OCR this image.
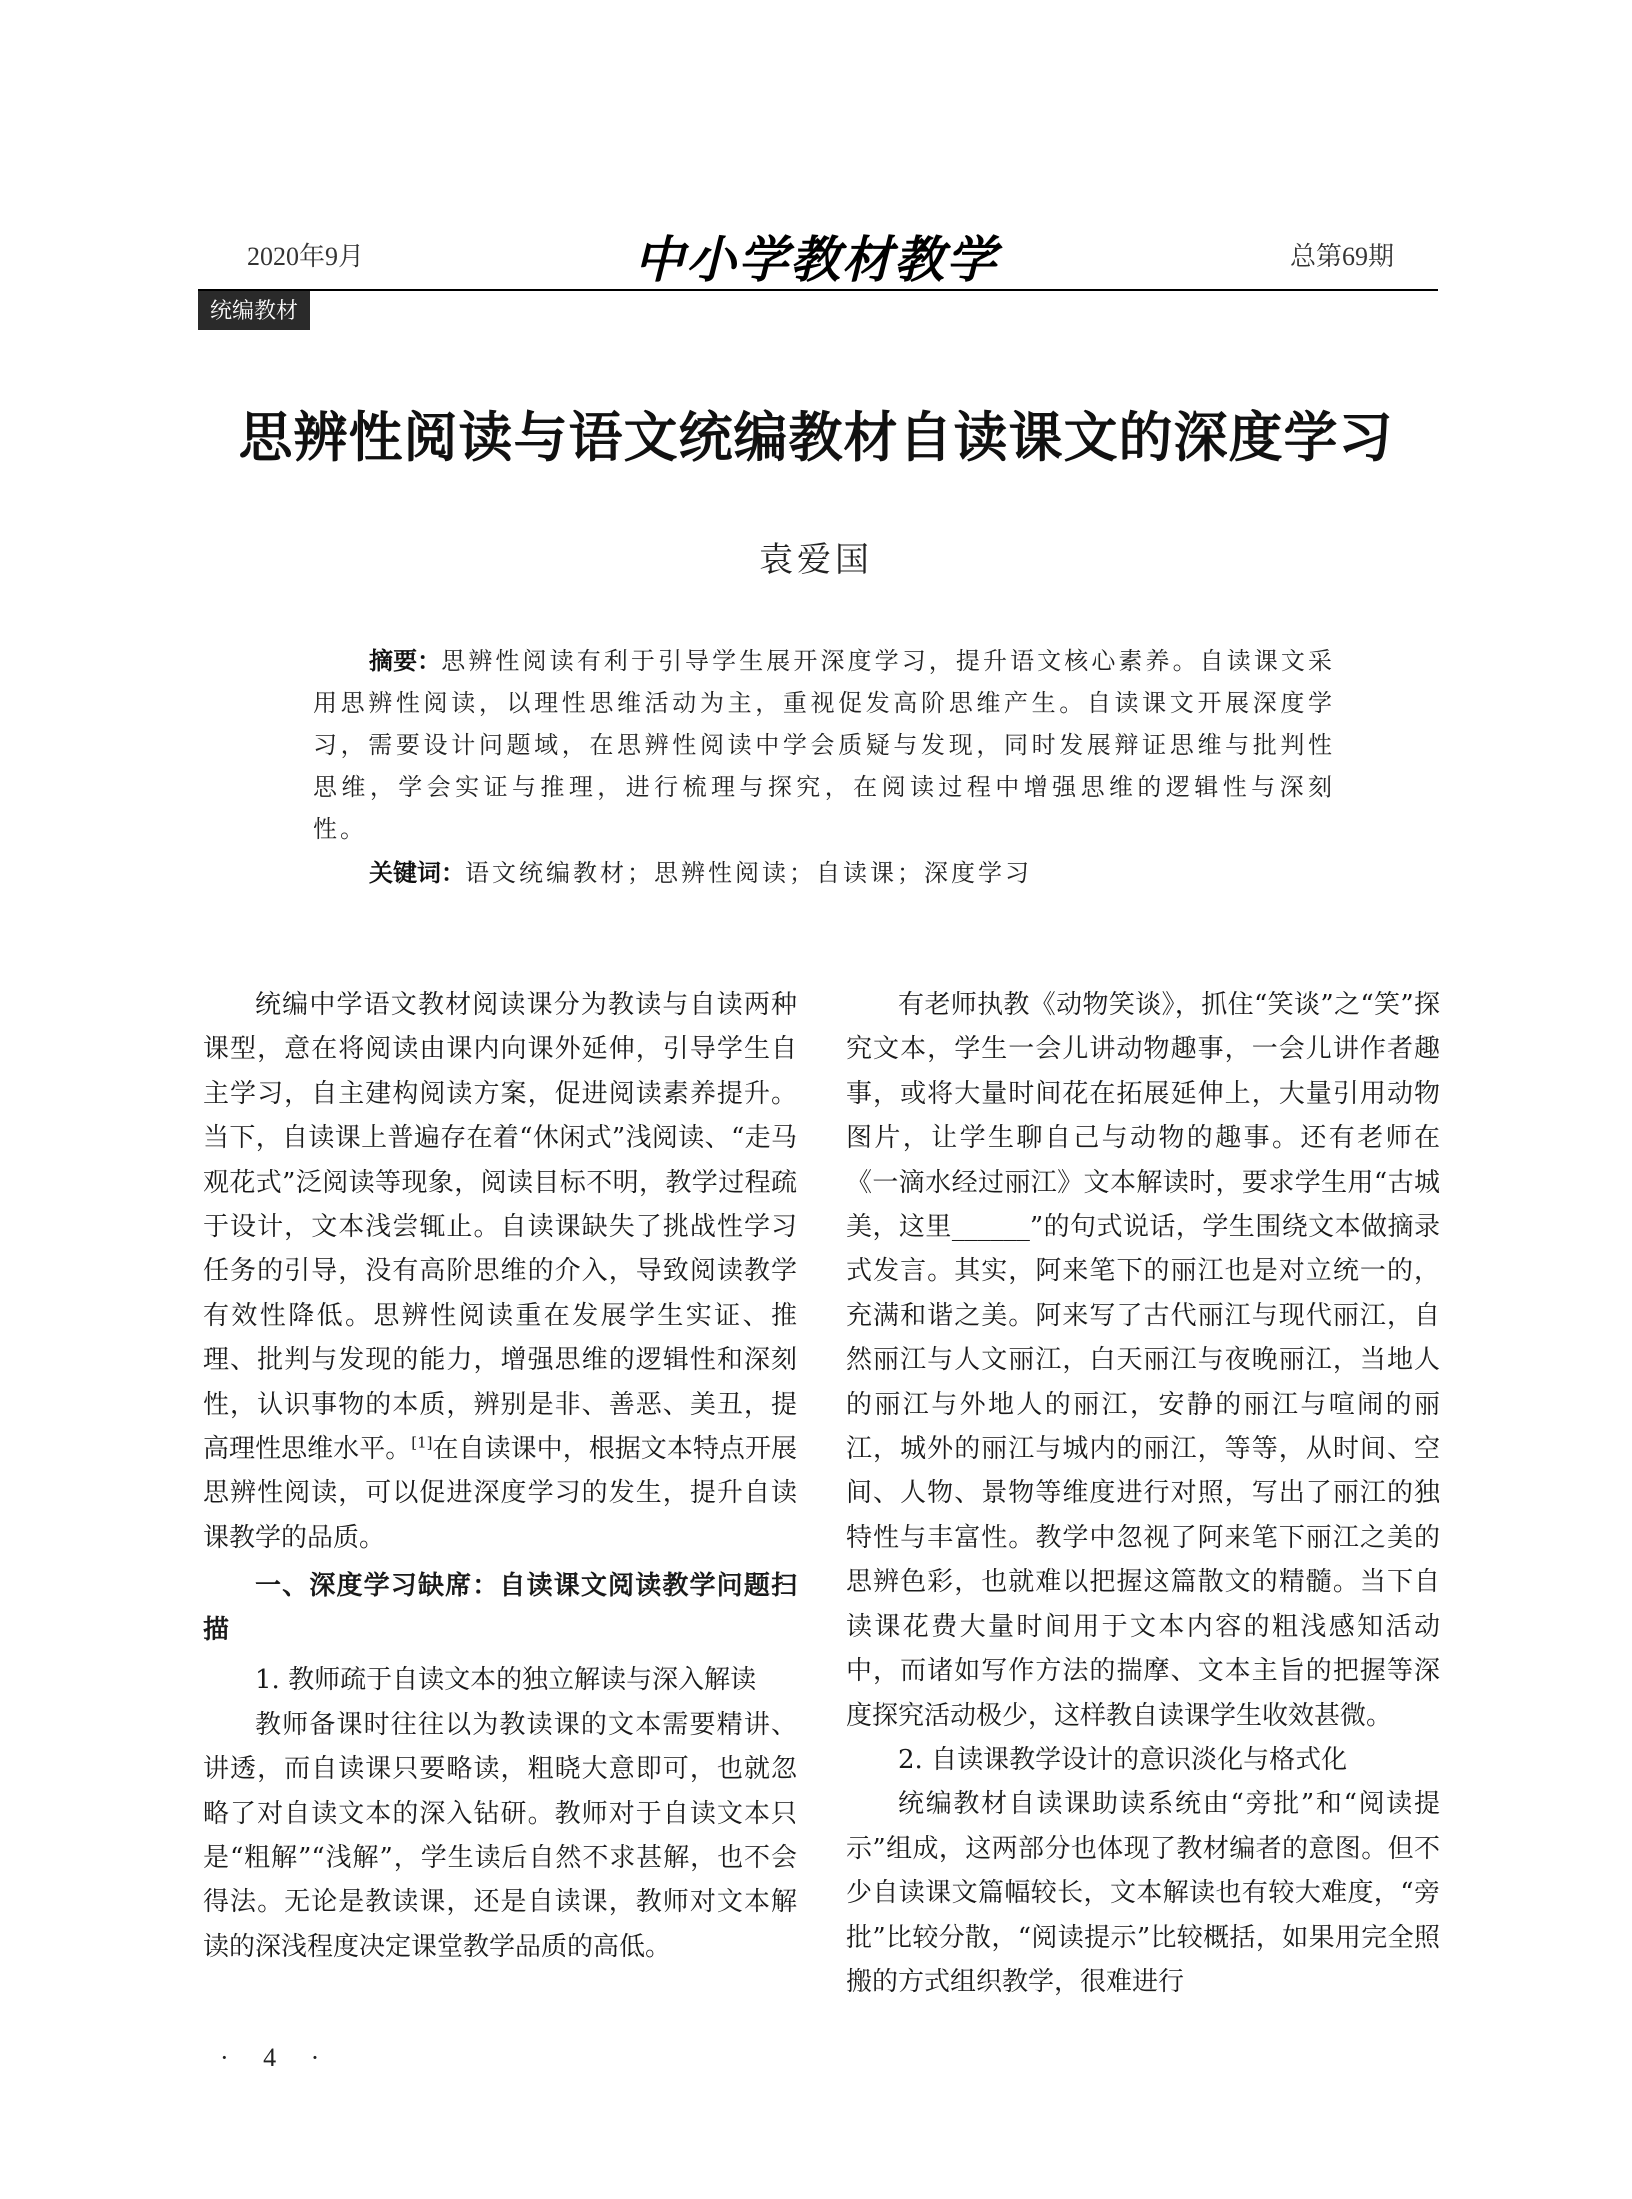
2020年9月	中小学教材教学	总第69期
统编教材
思辨性阅读与语文统编教材自读课文的深度学习
袁爱国
摘要：思辨性阅读有利于引导学生展开深度学习，提升语文核心素养。自读课文采用思辨性阅读，以理性思维活动为主，重视促发高阶思维产生。自读课文开展深度学习，需要设计问题域，在思辨性阅读中学会质疑与发现，同时发展辩证思维与批判性思维，学会实证与推理，进行梳理与探究，在阅读过程中增强思维的逻辑性与深刻性。
关键词：语文统编教材；思辨性阅读；自读课；深度学习

统编中学语文教材阅读课分为教读与自读两种课型，意在将阅读由课内向课外延伸，引导学生自主学习，自主建构阅读方案，促进阅读素养提升。当下，自读课上普遍存在着“休闲式”浅阅读、“走马观花式”泛阅读等现象，阅读目标不明，教学过程疏于设计，文本浅尝辄止。自读课缺失了挑战性学习任务的引导，没有高阶思维的介入，导致阅读教学有效性降低。思辨性阅读重在发展学生实证、推理、批判与发现的能力，增强思维的逻辑性和深刻性，认识事物的本质，辨别是非、善恶、美丑，提高理性思维水平。[1]在自读课中，根据文本特点开展思辨性阅读，可以促进深度学习的发生，提升自读课教学的品质。

一、深度学习缺席：自读课文阅读教学问题扫描

1. 教师疏于自读文本的独立解读与深入解读

教师备课时往往以为教读课的文本需要精讲、讲透，而自读课只要略读，粗晓大意即可，也就忽略了对自读文本的深入钻研。教师对于自读文本只是“粗解”“浅解”，学生读后自然不求甚解，也不会得法。无论是教读课，还是自读课，教师对文本解读的深浅程度决定课堂教学品质的高低。

有老师执教《动物笑谈》，抓住“笑谈”之“笑”探究文本，学生一会儿讲动物趣事，一会儿讲作者趣事，或将大量时间花在拓展延伸上，大量引用动物图片，让学生聊自己与动物的趣事。还有老师在《一滴水经过丽江》文本解读时，要求学生用“古城美，这里______”的句式说话，学生围绕文本做摘录式发言。其实，阿来笔下的丽江也是对立统一的，充满和谐之美。阿来写了古代丽江与现代丽江，自然丽江与人文丽江，白天丽江与夜晚丽江，当地人的丽江与外地人的丽江，安静的丽江与喧闹的丽江，城外的丽江与城内的丽江，等等，从时间、空间、人物、景物等维度进行对照，写出了丽江的独特性与丰富性。教学中忽视了阿来笔下丽江之美的思辨色彩，也就难以把握这篇散文的精髓。当下自读课花费大量时间用于文本内容的粗浅感知活动中，而诸如写作方法的揣摩、文本主旨的把握等深度探究活动极少，这样教自读课学生收效甚微。

2. 自读课教学设计的意识淡化与格式化

统编教材自读课助读系统由“旁批”和“阅读提示”组成，这两部分也体现了教材编者的意图。但不少自读课文篇幅较长，文本解读也有较大难度，“旁批”比较分散，“阅读提示”比较概括，如果用完全照搬的方式组织教学，很难进行

· 4 ·
